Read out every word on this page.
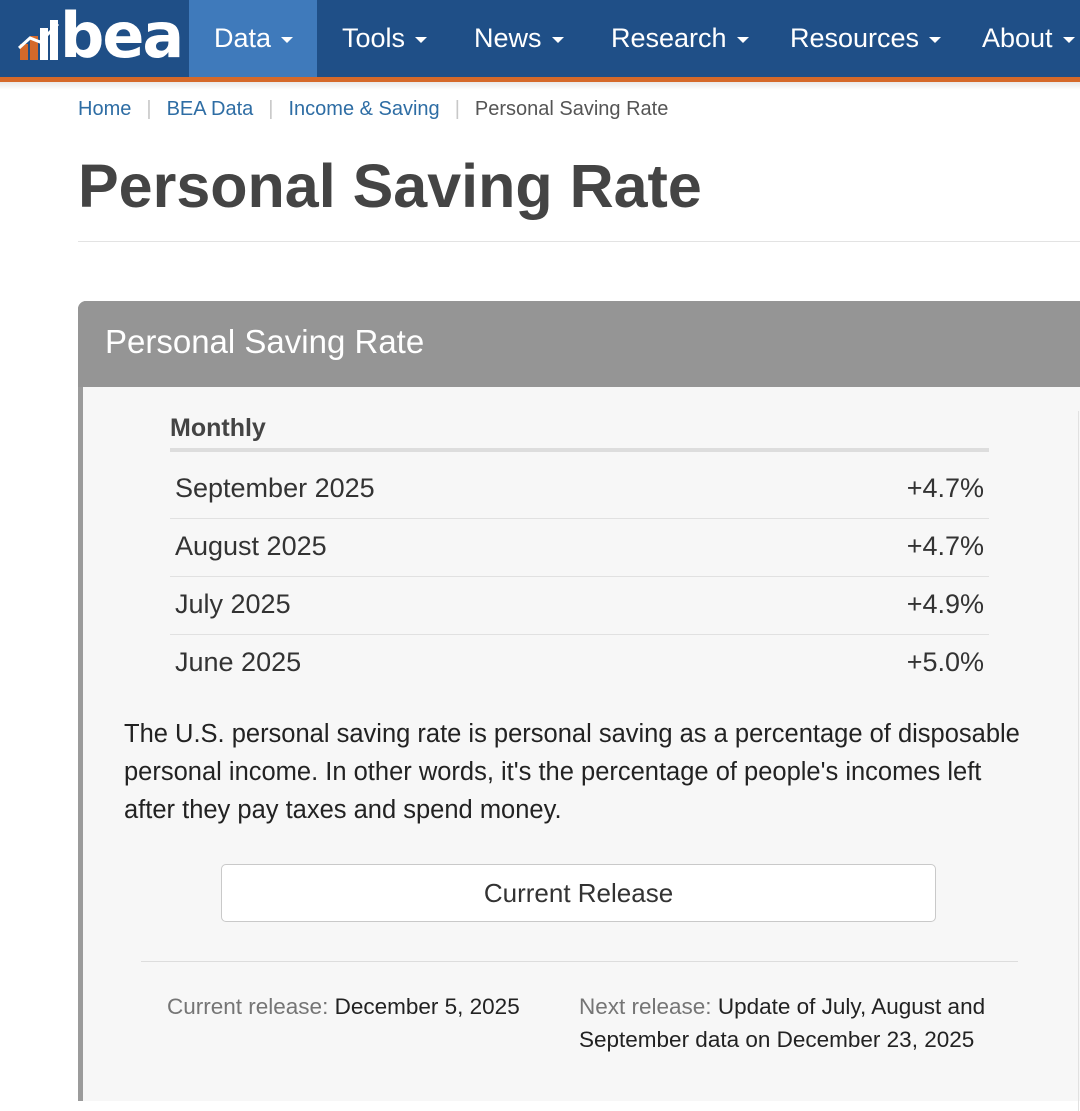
bea Data	Tools	News	Research Resources About
Home | BEA Data | Income & Saving | Personal Saving Rate
Personal Saving Rate
Personal Saving Rate
Monthly
September 2025	+4.7%
August 2025	+4.7%
July 2025	+4.9%
June 2025	+5.0%

The U.S. personal saving rate is personal saving as a percentage of disposable personal income. In other words, it's the percentage of people's incomes left after they pay taxes and spend money.

Current Release
Current release: December 5, 2025	Next release: Update of July, August and September data on December 23, 2025
